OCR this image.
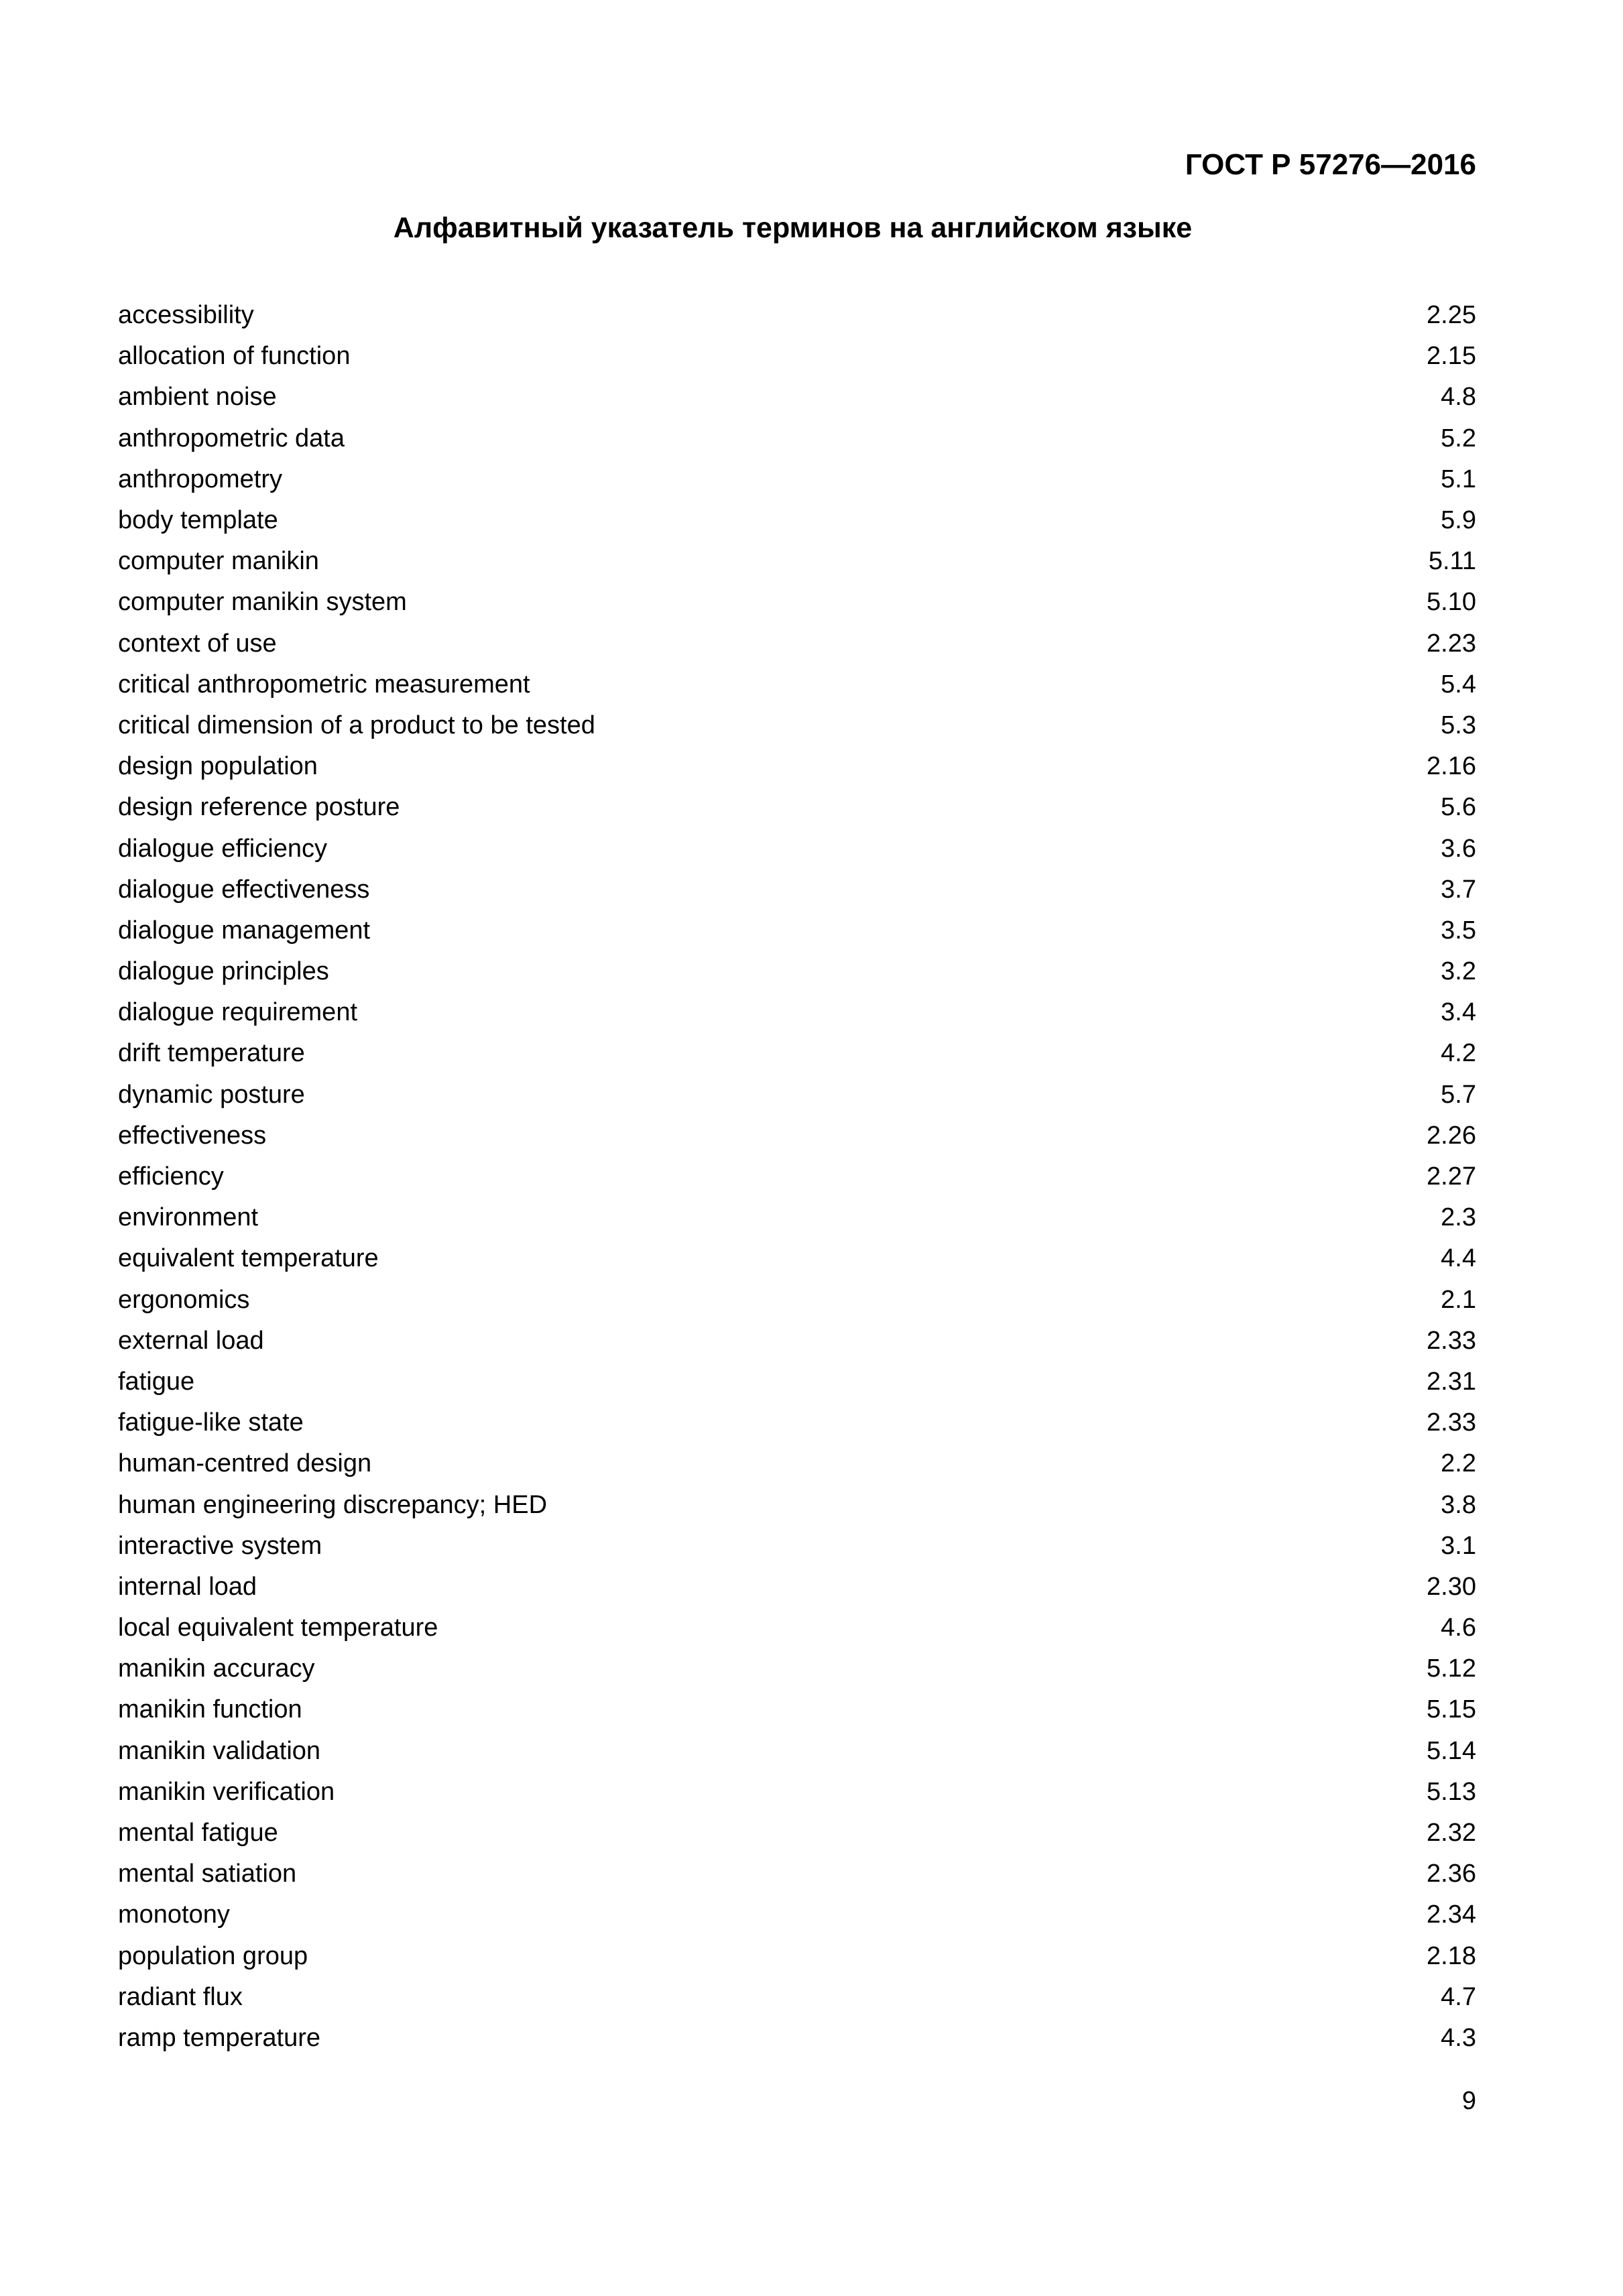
ГОСТ Р 57276—2016
Алфавитный указатель терминов на английском языке
accessibility	2.25
allocation of function	2.15
ambient noise	4.8
anthropometric data	5.2
anthropometry	5.1
body template	5.9
computer manikin	5.11
computer manikin system	5.10
context of use	2.23
critical anthropometric measurement	5.4
critical dimension of a product to be tested	5.3
design population	2.16
design reference posture	5.6
dialogue efficiency	3.6
dialogue effectiveness	3.7
dialogue management	3.5
dialogue principles	3.2
dialogue requirement	3.4
drift temperature	4.2
dynamic posture	5.7
effectiveness	2.26
efficiency	2.27
environment	2.3
equivalent temperature	4.4
ergonomics	2.1
external load	2.33
fatigue	2.31
fatigue-like state	2.33
human-centred design	2.2
human engineering discrepancy; HED	3.8
interactive system	3.1
internal load	2.30
local equivalent temperature	4.6
manikin accuracy	5.12
manikin function	5.15
manikin validation	5.14
manikin verification	5.13
mental fatigue	2.32
mental satiation	2.36
monotony	2.34
population group	2.18
radiant flux	4.7
ramp temperature	4.3
9
